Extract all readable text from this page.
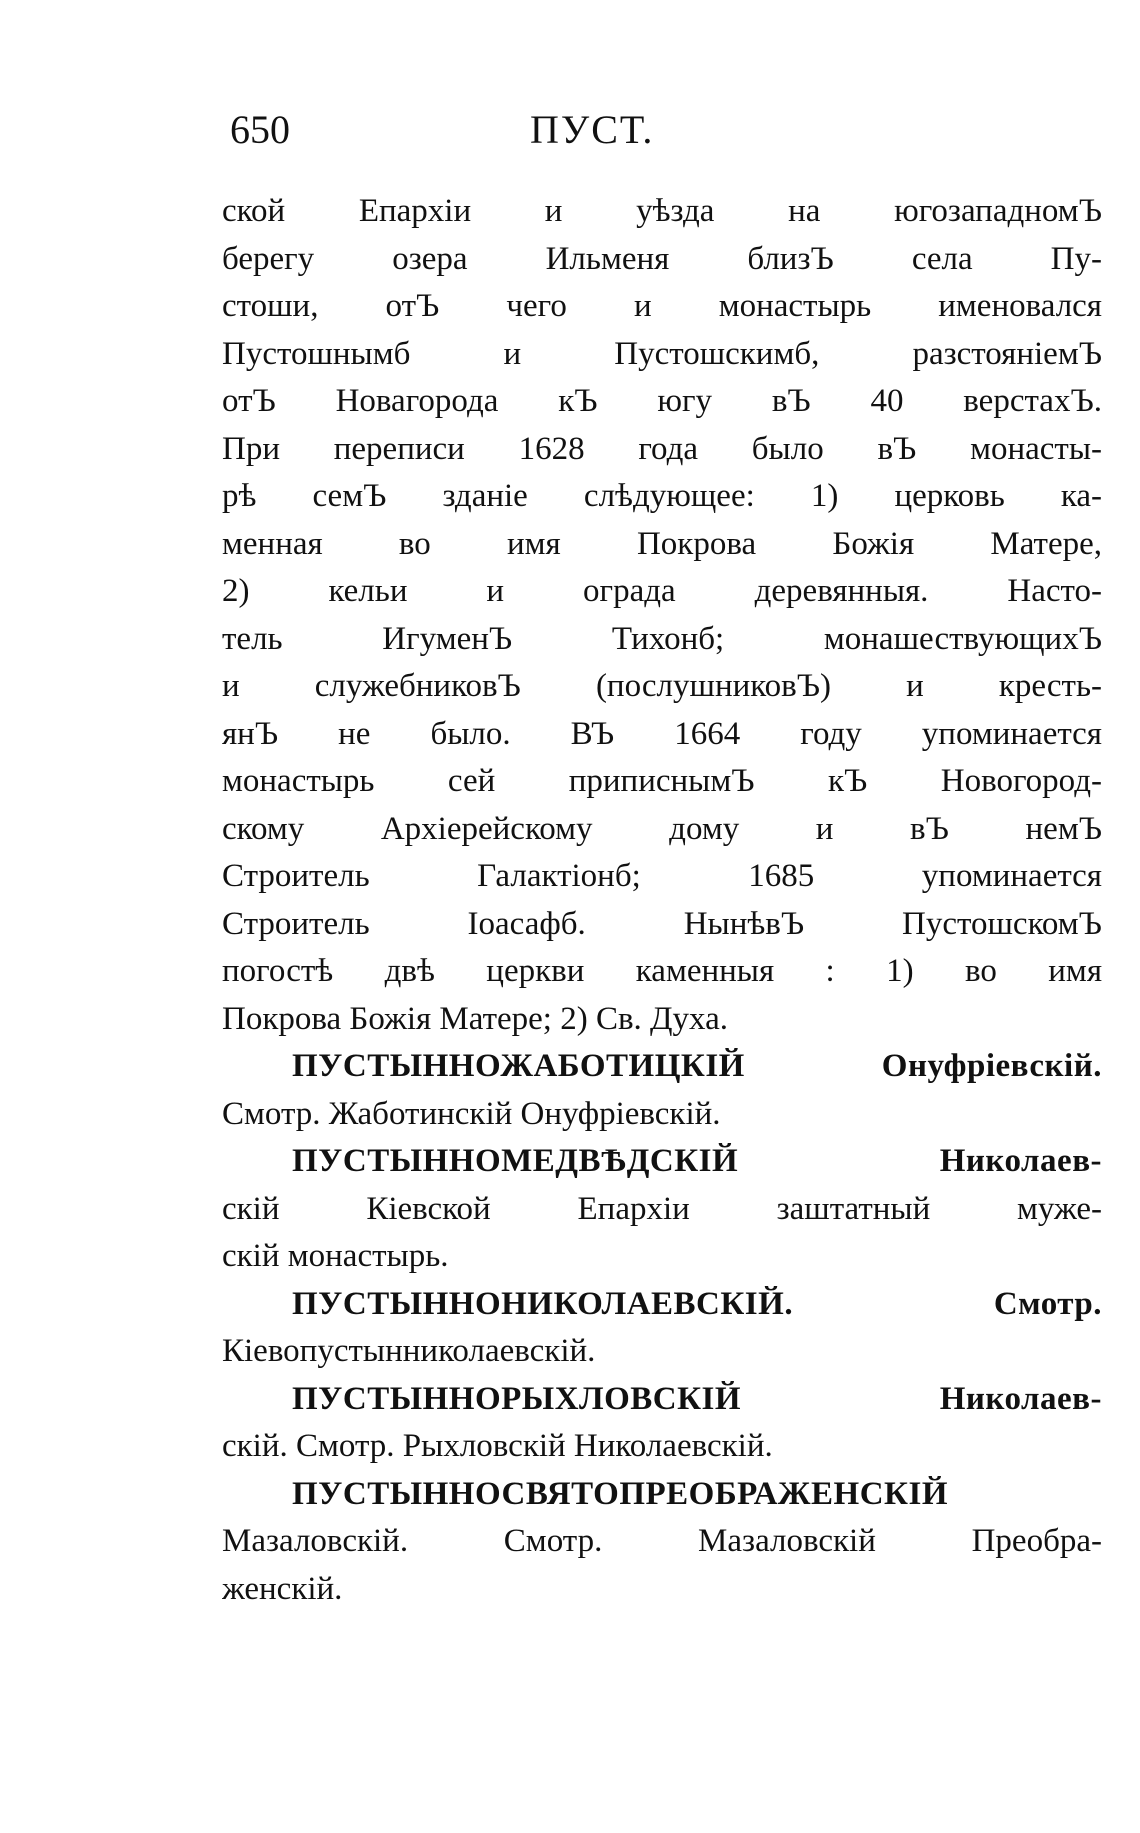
650	ПУСТ.
ской Епархіи и уѣзда на югозападномЪ
берегу озера Ильменя близЪ села Пу-
стоши, отЪ чего и монастырь именовался
Пустошнымб и Пустошскимб, разстояніемЪ
отЪ Новагорода кЪ югу вЪ 40 верстахЪ.
При переписи 1628 года было вЪ монасты-
рѣ семЪ зданіе слѣдующее: 1) церковь ка-
менная во имя Покрова Божія Матере,
2) кельи и ограда деревянныя. Насто-
тель ИгуменЪ Тихонб; монашествующихЪ
и служебниковЪ (послушниковЪ) и кресть-
янЪ не было. ВЪ 1664 году упоминается
монастырь сей приписнымЪ кЪ Новогород-
скому Архіерейскому дому и вЪ немЪ
Строитель Галактіонб; 1685 упоминается
Строитель Іоасафб. НынѣвЪ ПустошскомЪ
погостѣ двѣ церкви каменныя : 1) во имя
Покрова Божія Матере; 2) Св. Духа.
ПУСТЫННОЖАБОТИЦКІЙ Онуфріевскій.
Смотр. Жаботинскій Онуфріевскій.
ПУСТЫННОМЕДВѢДСКІЙ Николаев-
скій Кіевской Епархіи заштатный муже-
скій монастырь.
ПУСТЫННОНИКОЛАЕВСКІЙ. Смотр.
Кіевопустынниколаевскій.
ПУСТЫННОРЫХЛОВСКІЙ Николаев-
скій. Смотр. Рыхловскій Николаевскій.
ПУСТЫННОСВЯТОПРЕОБРАЖЕНСКІЙ
Мазаловскій. Смотр. Мазаловскій Преобра-
женскій.
